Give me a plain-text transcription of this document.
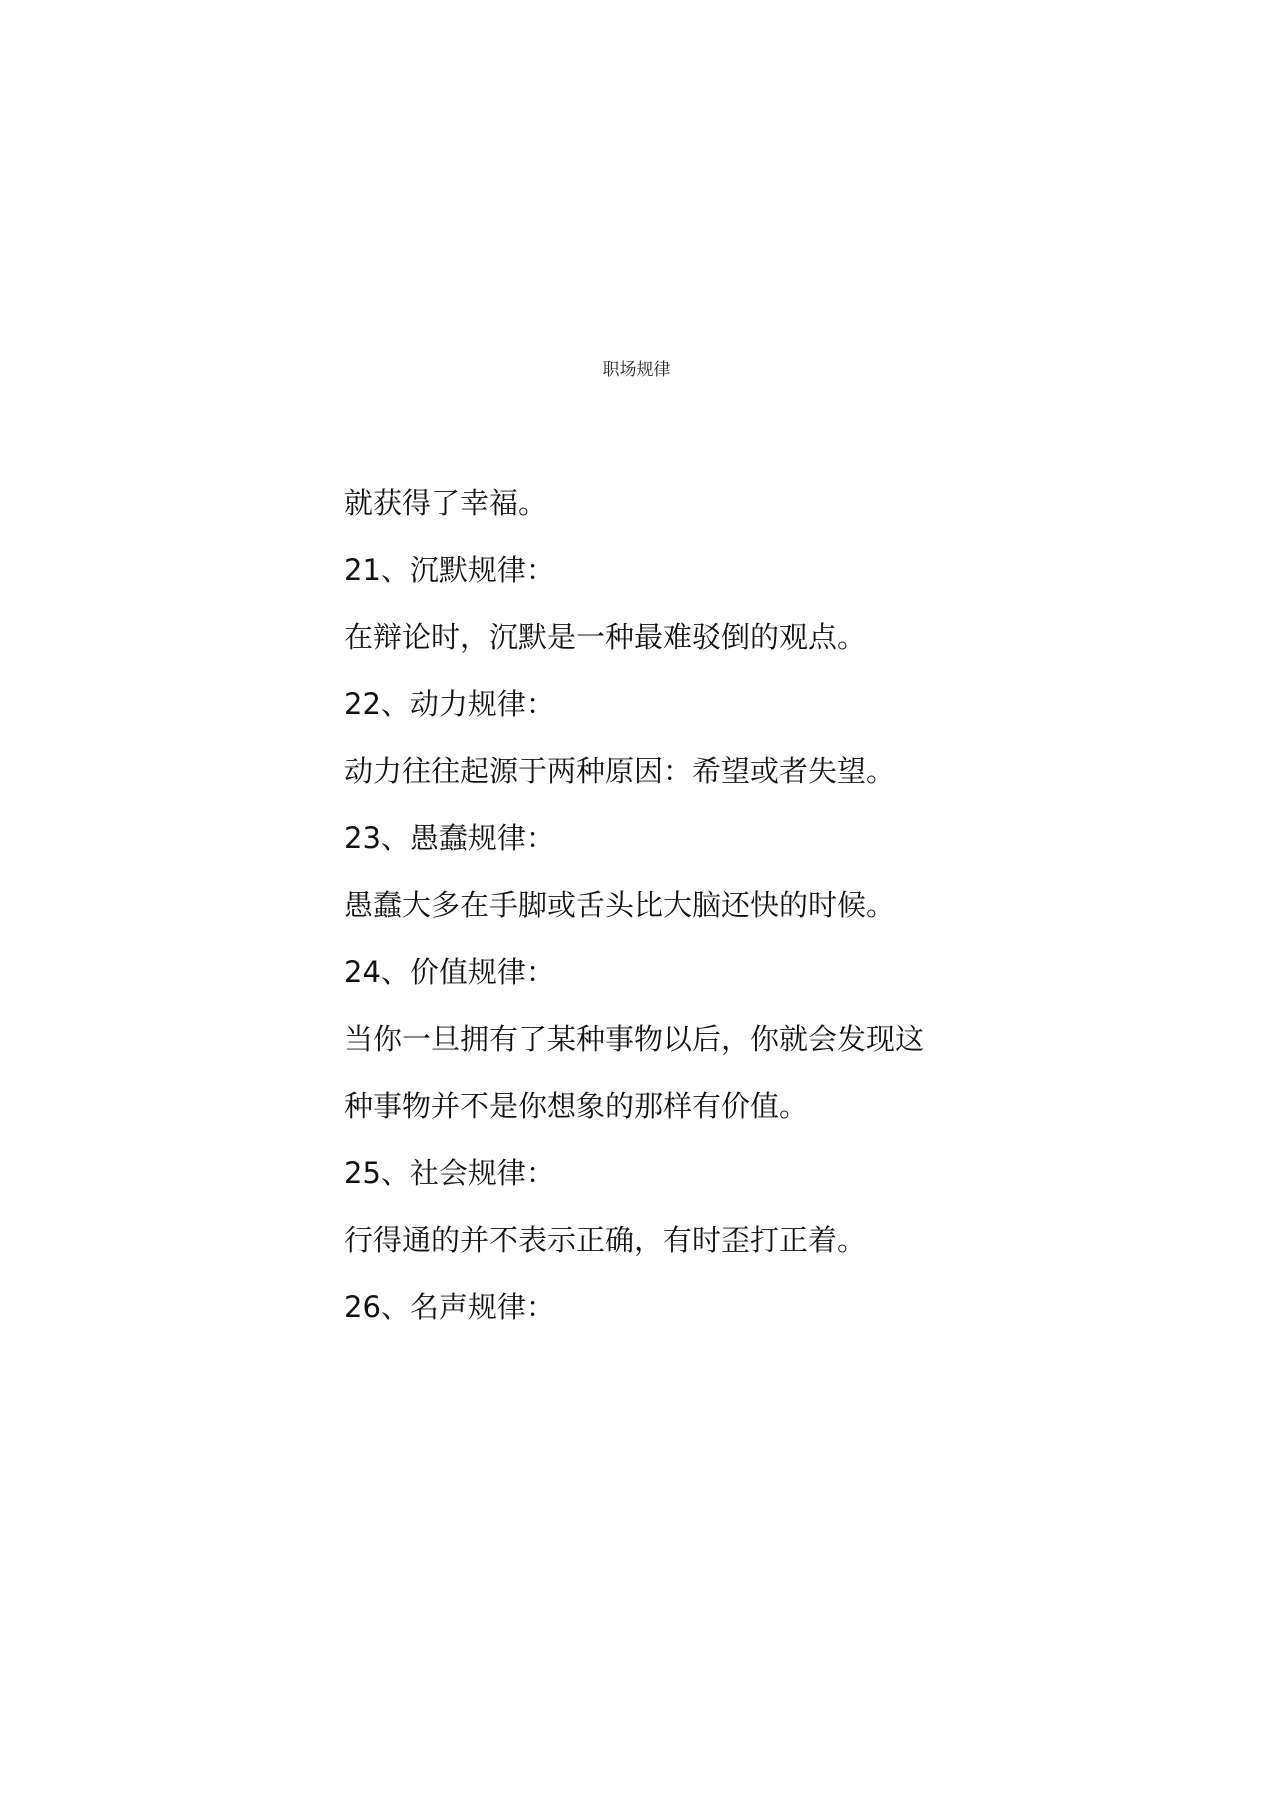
职场规律
就获得了幸福。
21、沉默规律：
在辩论时，沉默是一种最难驳倒的观点。
22、动力规律：
动力往往起源于两种原因：希望或者失望。
23、愚蠢规律：
愚蠢大多在手脚或舌头比大脑还快的时候。
24、价值规律：
当你一旦拥有了某种事物以后，你就会发现这
种事物并不是你想象的那样有价值。
25、社会规律：
行得通的并不表示正确，有时歪打正着。
26、名声规律：
